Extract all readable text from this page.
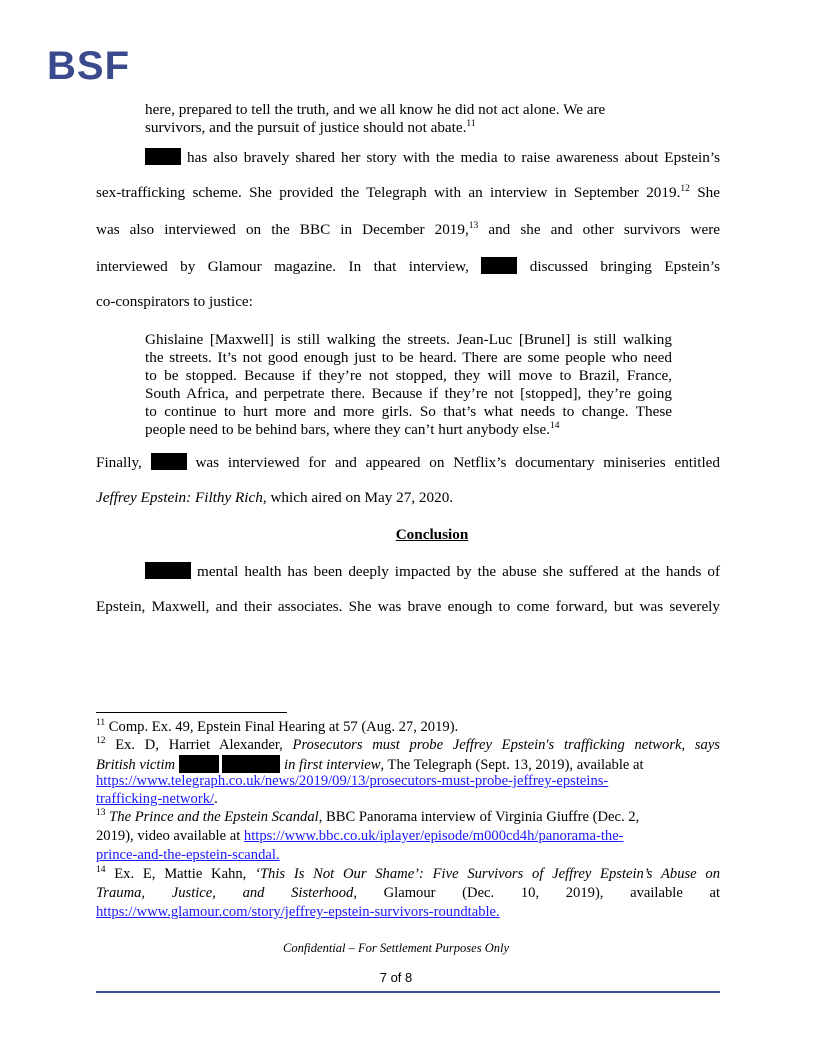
BSF
here, prepared to tell the truth, and we all know he did not act alone. We are
survivors, and the pursuit of justice should not abate.$^{11}$
has also bravely shared her story with the media to raise awareness about Epstein’s
sex-trafficking scheme. She provided the Telegraph with an interview in September 2019.12 She
was also interviewed on the BBC in December 2019,13 and she and other survivors were
interviewed by Glamour magazine. In that interview,	discussed bringing Epstein’s
co-conspirators to justice:
Ghislaine [Maxwell] is still walking the streets. Jean-Luc [Brunel] is still walking
the streets. It’s not good enough just to be heard. There are some people who need
to be stopped. Because if they’re not stopped, they will move to Brazil, France,
South Africa, and perpetrate there. Because if they’re not [stopped], they’re going
to continue to hurt more and more girls. So that’s what needs to change. These
people need to be behind bars, where they can’t hurt anybody else.$^{14}$
Finally,	was interviewed for and appeared on Netflix’s documentary miniseries entitled
Jeffrey Epstein: Filthy Rich, which aired on May 27, 2020.
Conclusion
mental health has been deeply impacted by the abuse she suffered at the hands of
Epstein, Maxwell, and their associates. She was brave enough to come forward, but was severely
$^{11}$ Comp. Ex. 49, Epstein Final Hearing at 57 (Aug. 27, 2019).
$^{12}$ Ex. D, Harriet Alexander, Prosecutors must probe Jeffrey Epstein's trafficking network, says
British victim	in first interview, The Telegraph (Sept. 13, 2019), available at
https://www.telegraph.co.uk/news/2019/09/13/prosecutors-must-probe-jeffrey-epsteins-
trafficking-network/.
$^{13}$ The Prince and the Epstein Scandal, BBC Panorama interview of Virginia Giuffre (Dec. 2,
2019), video available at https://www.bbc.co.uk/iplayer/episode/m000cd4h/panorama-the-
prince-and-the-epstein-scandal.
$^{14}$ Ex. E, Mattie Kahn, ‘This Is Not Our Shame’: Five Survivors of Jeffrey Epstein’s Abuse on
Trauma, Justice, and Sisterhood, Glamour (Dec. 10, 2019), available at
https://www.glamour.com/story/jeffrey-epstein-survivors-roundtable.
Confidential – For Settlement Purposes Only
7 of 8
